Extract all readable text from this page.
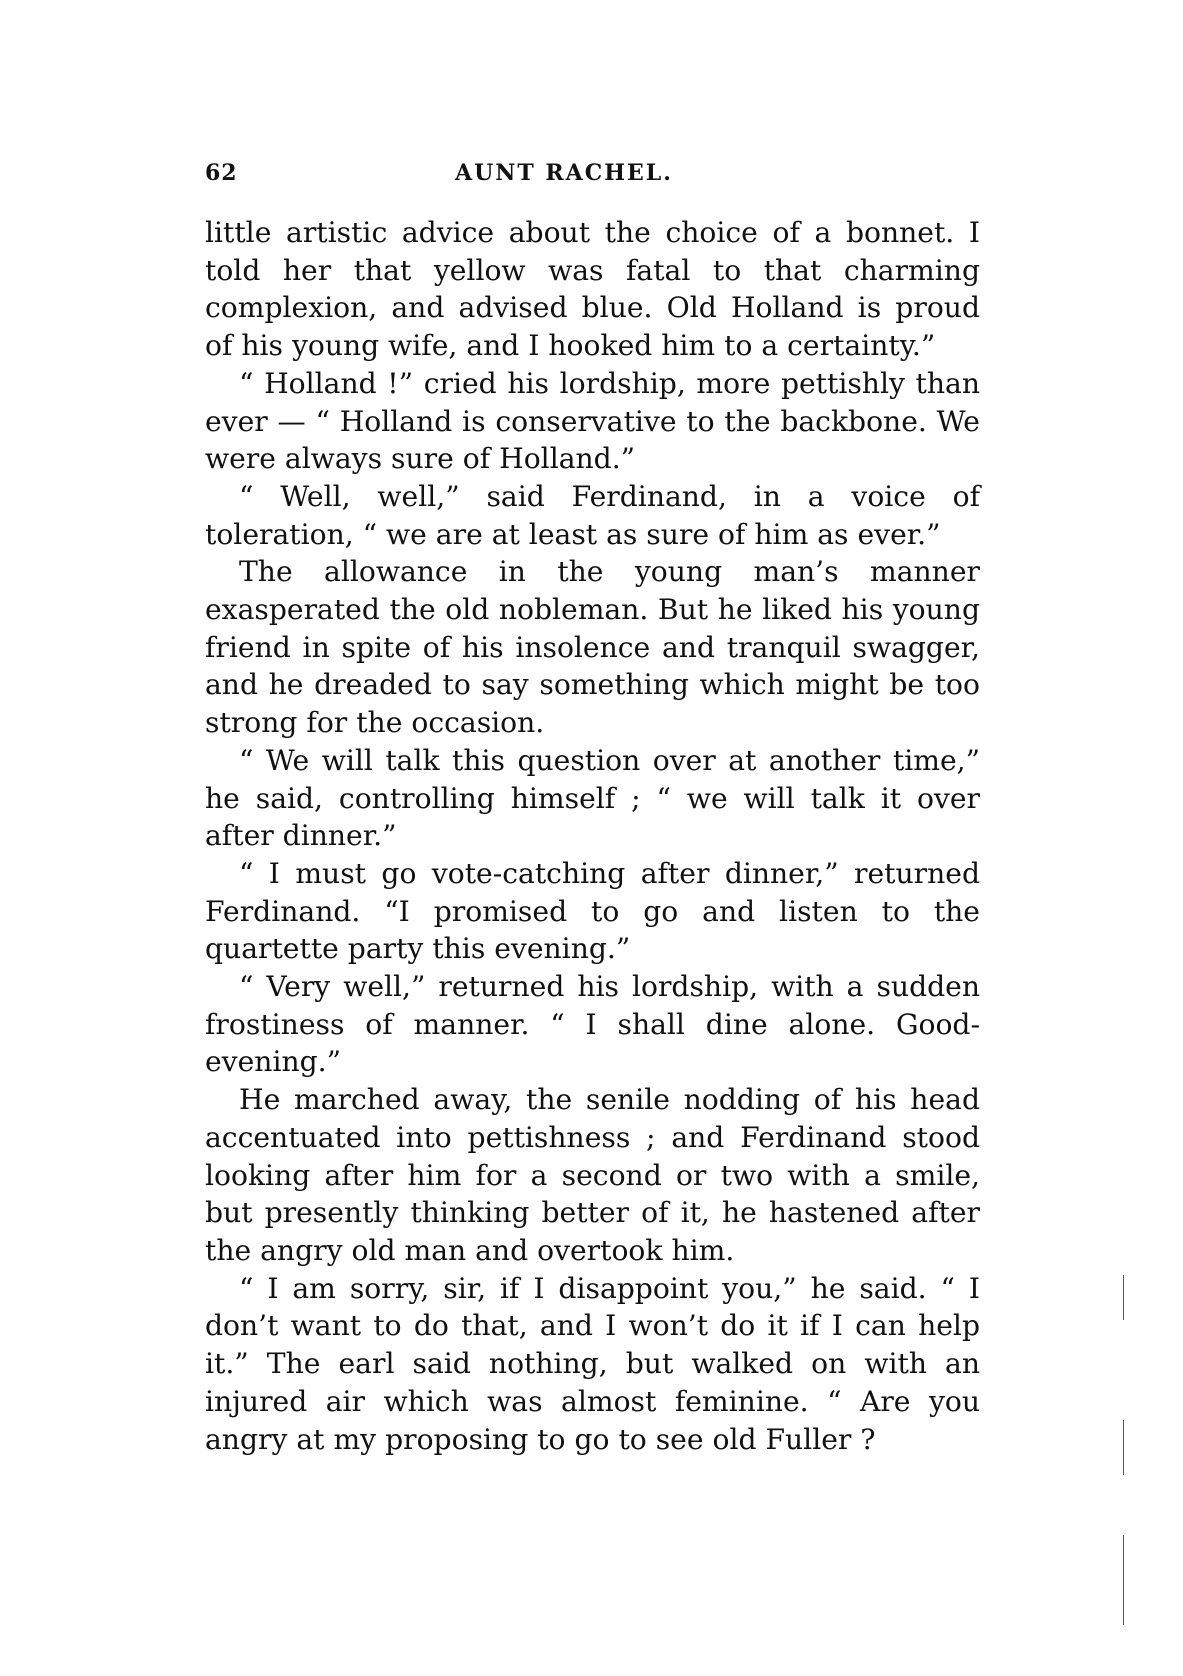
62	AUNT RACHEL.

little artistic advice about the choice of a bonnet. I told her that yellow was fatal to that charming complexion, and advised blue. Old Holland is proud of his young wife, and I hooked him to a certainty.”

“ Holland !” cried his lordship, more pettishly than ever — “ Holland is conservative to the backbone. We were always sure of Holland.”

“ Well, well,” said Ferdinand, in a voice of toleration, “ we are at least as sure of him as ever.”

The allowance in the young man’s manner exasperated the old nobleman. But he liked his young friend in spite of his insolence and tranquil swagger, and he dreaded to say something which might be too strong for the occasion.

“ We will talk this question over at another time,” he said, controlling himself ; “ we will talk it over after dinner.”

“ I must go vote-catching after dinner,” returned Ferdinand. “I promised to go and listen to the quartette party this evening.”

“ Very well,” returned his lordship, with a sudden frostiness of manner. “ I shall dine alone. Good-evening.”

He marched away, the senile nodding of his head accentuated into pettishness ; and Ferdinand stood looking after him for a second or two with a smile, but presently thinking better of it, he hastened after the angry old man and overtook him.

“ I am sorry, sir, if I disappoint you,” he said. “ I don’t want to do that, and I won’t do it if I can help it.” The earl said nothing, but walked on with an injured air which was almost feminine. “ Are you angry at my proposing to go to see old Fuller ?
